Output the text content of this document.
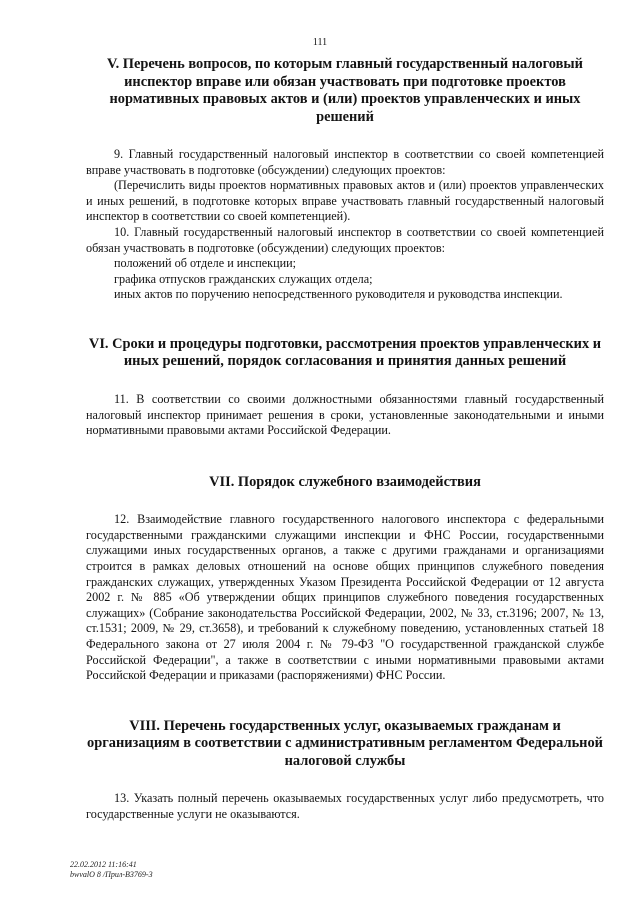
111
V. Перечень вопросов, по которым главный государственный налоговый инспектор вправе или обязан участвовать при подготовке проектов нормативных правовых актов и (или) проектов управленческих и иных решений

9. Главный государственный налоговый инспектор в соответствии со своей компетенцией вправе участвовать в подготовке (обсуждении) следующих проектов:

(Перечислить виды проектов нормативных правовых актов и (или) проектов управленческих и иных решений, в подготовке которых вправе участвовать главный государственный налоговый инспектор в соответствии со своей компетенцией).

10. Главный государственный налоговый инспектор в соответствии со своей компетенцией обязан участвовать в подготовке (обсуждении) следующих проектов:

положений об отделе и инспекции;

графика отпусков гражданских служащих отдела;

иных актов по поручению непосредственного руководителя и руководства инспекции.

VI. Сроки и процедуры подготовки, рассмотрения проектов управленческих и иных решений, порядок согласования и принятия данных решений

11. В соответствии со своими должностными обязанностями главный государственный налоговый инспектор принимает решения в сроки, установленные законодательными и иными нормативными правовыми актами Российской Федерации.

VII. Порядок служебного взаимодействия

12. Взаимодействие главного государственного налогового инспектора с федеральными государственными гражданскими служащими инспекции и ФНС России, государственными служащими иных государственных органов, а также с другими гражданами и организациями строится в рамках деловых отношений на основе общих принципов служебного поведения гражданских служащих, утвержденных Указом Президента Российской Федерации от 12 августа 2002 г. № 885 «Об утверждении общих принципов служебного поведения государственных служащих» (Собрание законодательства Российской Федерации, 2002, № 33, ст.3196; 2007, № 13, ст.1531; 2009, № 29, ст.3658), и требований к служебному поведению, установленных статьей 18 Федерального закона от 27 июля 2004 г. № 79-ФЗ "О государственной гражданской службе Российской Федерации", а также в соответствии с иными нормативными правовыми актами Российской Федерации и приказами (распоряжениями) ФНС России.

VIII. Перечень государственных услуг, оказываемых гражданам и организациям в соответствии с административным регламентом Федеральной налоговой службы

13. Указать полный перечень оказываемых государственных услуг либо предусмотреть, что государственные услуги не оказываются.

22.02.2012 11:16:41
bwvalO 8 /Прил-B3769-3
